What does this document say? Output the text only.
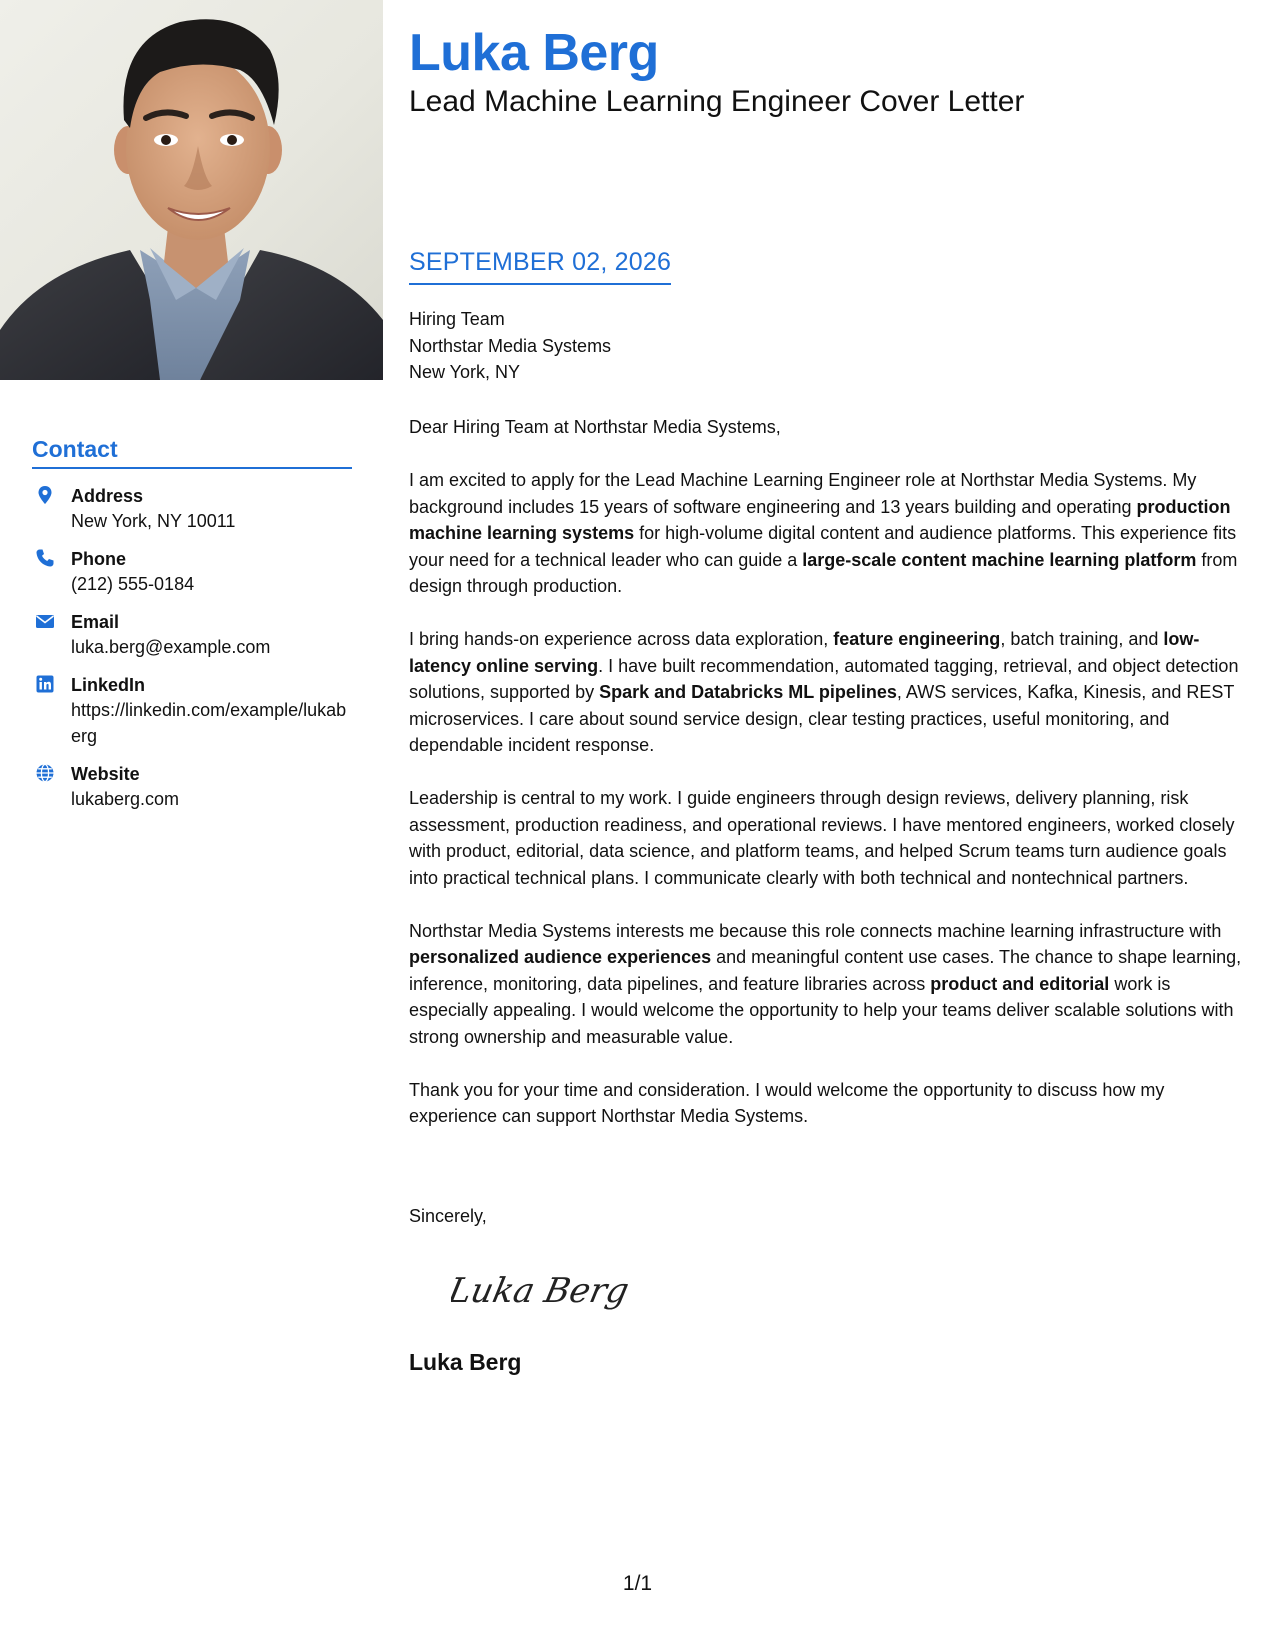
Contact
Address
New York, NY 10011
Phone
(212) 555-0184
Email
luka.berg@example.com
LinkedIn
https://linkedin.com/example/lukaberg
Website
lukaberg.com
Luka Berg
Lead Machine Learning Engineer Cover Letter
SEPTEMBER 02, 2026
Hiring Team
Northstar Media Systems
New York, NY

Dear Hiring Team at Northstar Media Systems,

I am excited to apply for the Lead Machine Learning Engineer role at Northstar Media Systems. My background includes 15 years of software engineering and 13 years building and operating production machine learning systems for high-volume digital content and audience platforms. This experience fits your need for a technical leader who can guide a large-scale content machine learning platform from design through production.

I bring hands-on experience across data exploration, feature engineering, batch training, and low-latency online serving. I have built recommendation, automated tagging, retrieval, and object detection solutions, supported by Spark and Databricks ML pipelines, AWS services, Kafka, Kinesis, and REST microservices. I care about sound service design, clear testing practices, useful monitoring, and dependable incident response.

Leadership is central to my work. I guide engineers through design reviews, delivery planning, risk assessment, production readiness, and operational reviews. I have mentored engineers, worked closely with product, editorial, data science, and platform teams, and helped Scrum teams turn audience goals into practical technical plans. I communicate clearly with both technical and nontechnical partners.

Northstar Media Systems interests me because this role connects machine learning infrastructure with personalized audience experiences and meaningful content use cases. The chance to shape learning, inference, monitoring, data pipelines, and feature libraries across product and editorial work is especially appealing. I would welcome the opportunity to help your teams deliver scalable solutions with strong ownership and measurable value.

Thank you for your time and consideration. I would welcome the opportunity to discuss how my experience can support Northstar Media Systems.

Sincerely,
Luka Berg
Luka Berg
1/1
